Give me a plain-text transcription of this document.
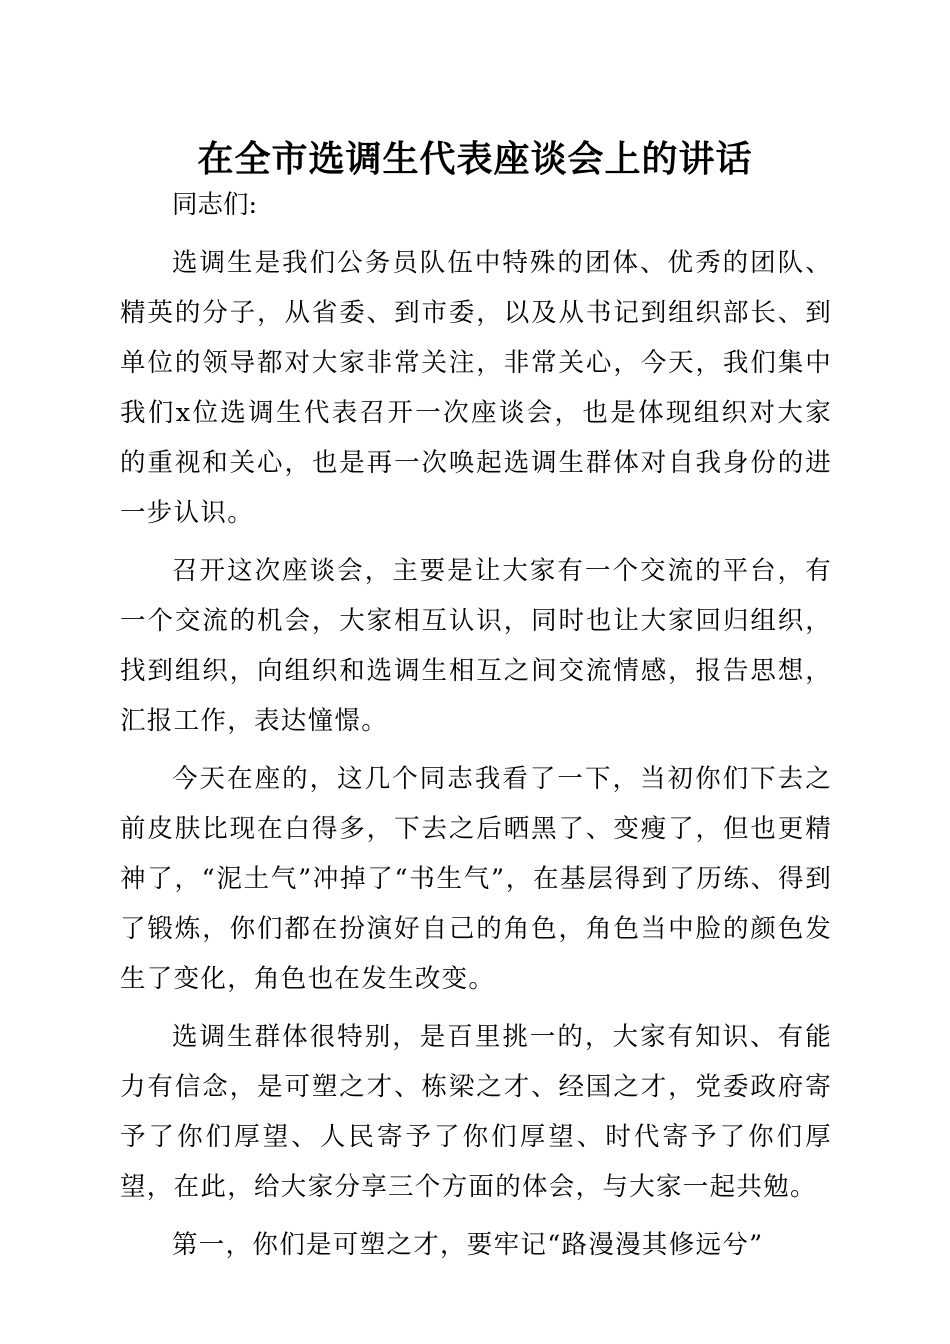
在全市选调生代表座谈会上的讲话

同志们:

选调生是我们公务员队伍中特殊的团体、优秀的团队、精英的分子，从省委、到市委，以及从书记到组织部长、到单位的领导都对大家非常关注，非常关心，今天，我们集中我们x位选调生代表召开一次座谈会，也是体现组织对大家的重视和关心，也是再一次唤起选调生群体对自我身份的进一步认识。

召开这次座谈会，主要是让大家有一个交流的平台，有一个交流的机会，大家相互认识，同时也让大家回归组织，找到组织，向组织和选调生相互之间交流情感，报告思想，汇报工作，表达憧憬。

今天在座的，这几个同志我看了一下，当初你们下去之前皮肤比现在白得多，下去之后晒黑了、变瘦了，但也更精神了，“泥土气”冲掉了“书生气”，在基层得到了历练、得到了锻炼，你们都在扮演好自己的角色，角色当中脸的颜色发生了变化，角色也在发生改变。

选调生群体很特别，是百里挑一的，大家有知识、有能力有信念，是可塑之才、栋梁之才、经国之才，党委政府寄予了你们厚望、人民寄予了你们厚望、时代寄予了你们厚望，在此，给大家分享三个方面的体会，与大家一起共勉。

第一，你们是可塑之才，要牢记“路漫漫其修远兮”
